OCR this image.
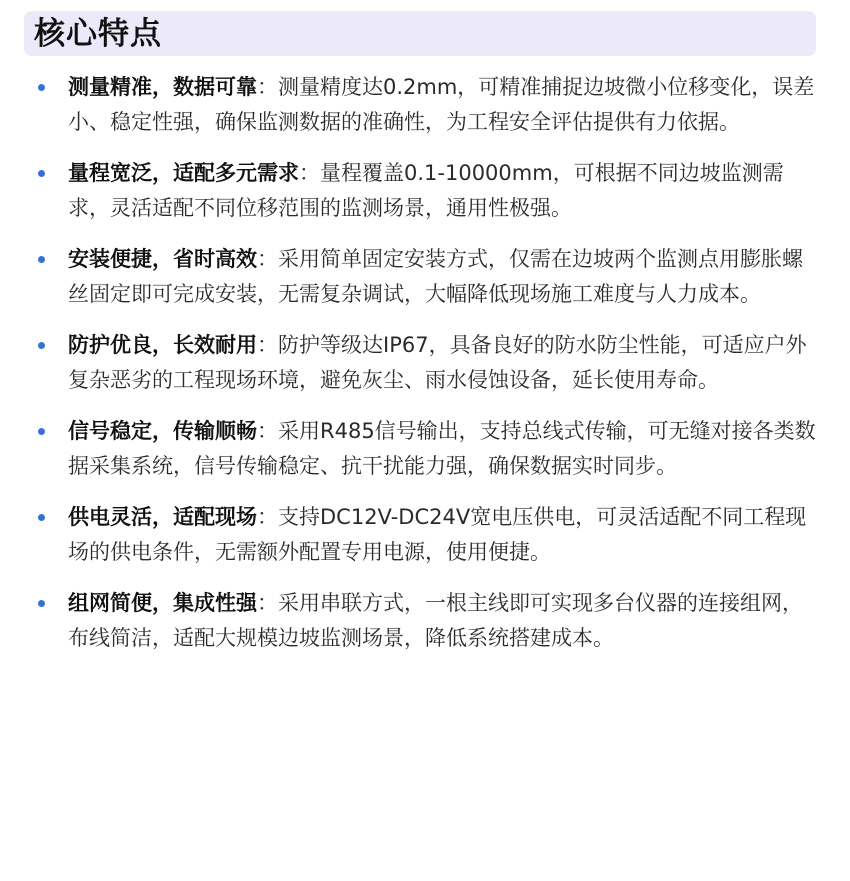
核心特点
测量精准，数据可靠：测量精度达0.2mm，可精准捕捉边坡微小位移变化，误差小、稳定性强，确保监测数据的准确性，为工程安全评估提供有力依据。
量程宽泛，适配多元需求：量程覆盖0.1-10000mm，可根据不同边坡监测需求，灵活适配不同位移范围的监测场景，通用性极强。
安装便捷，省时高效：采用简单固定安装方式，仅需在边坡两个监测点用膨胀螺丝固定即可完成安装，无需复杂调试，大幅降低现场施工难度与人力成本。
防护优良，长效耐用：防护等级达IP67，具备良好的防水防尘性能，可适应户外复杂恶劣的工程现场环境，避免灰尘、雨水侵蚀设备，延长使用寿命。
信号稳定，传输顺畅：采用R485信号输出，支持总线式传输，可无缝对接各类数据采集系统，信号传输稳定、抗干扰能力强，确保数据实时同步。
供电灵活，适配现场：支持DC12V-DC24V宽电压供电，可灵活适配不同工程现场的供电条件，无需额外配置专用电源，使用便捷。
组网简便，集成性强：采用串联方式，一根主线即可实现多台仪器的连接组网，布线简洁，适配大规模边坡监测场景，降低系统搭建成本。
